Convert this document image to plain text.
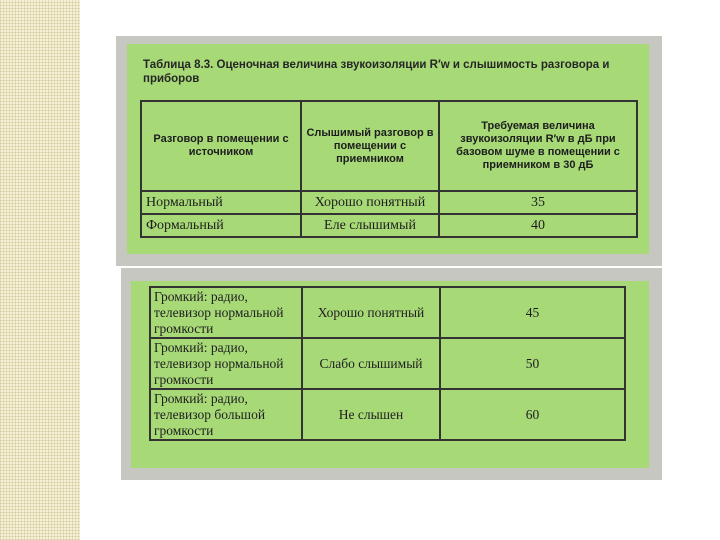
Таблица 8.3. Оценочная величина звукоизоляции R′w и слышимость разговора и приборов
Разговор в помещении с источником	Слышимый разговор в помещении с приемником	Требуемая величина звукоизоляции R′w в дБ при базовом шуме в помещении с приемником в 30 дБ
Нормальный	Хорошо понятный	35
Формальный	Еле слышимый	40
Громкий: радио, телевизор нормальной громкости	Хорошо понятный	45
Громкий: радио, телевизор нормальной громкости	Слабо слышимый	50
Громкий: радио, телевизор большой громкости	Не слышен	60
